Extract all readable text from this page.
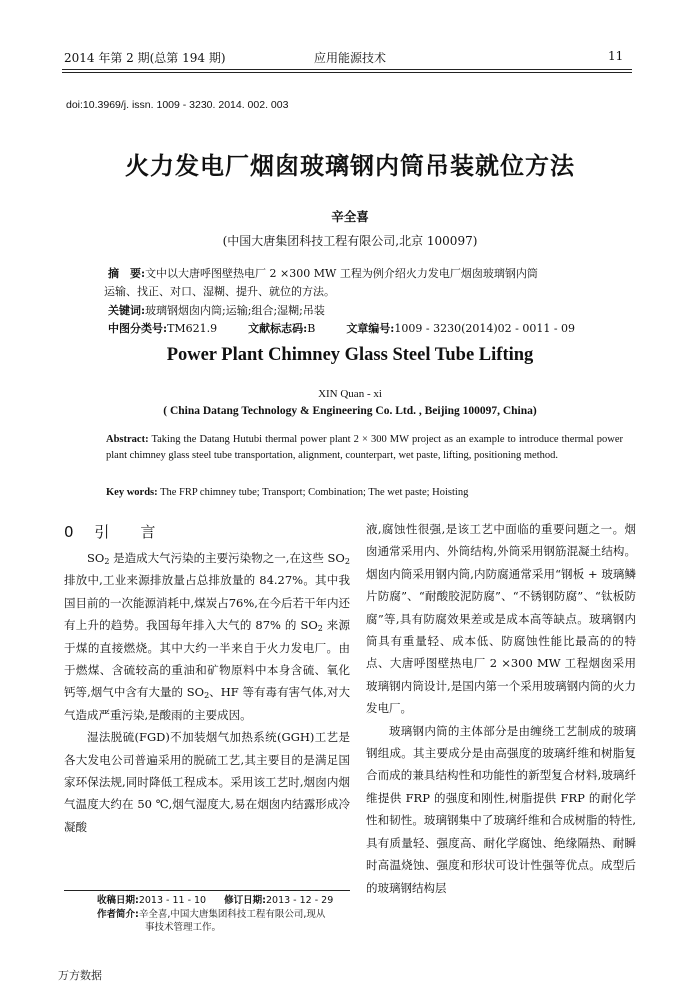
2014 年第 2 期(总第 194 期)	应用能源技术	11
doi:10.3969/j. issn. 1009 - 3230. 2014. 002. 003
火力发电厂烟囱玻璃钢内筒吊装就位方法
辛全喜
(中国大唐集团科技工程有限公司,北京 100097)
摘　要:文中以大唐呼图壁热电厂 2 ×300 MW 工程为例介绍火力发电厂烟囱玻璃钢内筒
运输、找正、对口、湿糊、提升、就位的方法。
关键词:玻璃钢烟囱内筒;运输;组合;湿糊;吊装
中图分类号:TM621.9	文献标志码:B	文章编号:1009 - 3230(2014)02 - 0011 - 09
Power Plant Chimney Glass Steel Tube Lifting
XIN Quan - xi
( China Datang Technology & Engineering Co. Ltd. , Beijing 100097, China)
Abstract: Taking the Datang Hutubi thermal power plant 2 × 300 MW project as an example to introduce thermal power plant chimney glass steel tube transportation, alignment, counterpart, wet paste, lifting, positioning method.
Key words: The FRP chimney tube; Transport; Combination; The wet paste; Hoisting
0 引　言

$SO_2$ 是造成大气污染的主要污染物之一,在这些 $SO_2$ 排放中,工业来源排放量占总排放量的 84.27%。其中我国目前的一次能源消耗中,煤炭占76%,在今后若干年内还有上升的趋势。我国每年排入大气的 87% 的 $SO_2$ 来源于煤的直接燃烧。其中大约一半来自于火力发电厂。由于燃煤、含硫较高的重油和矿物原料中本身含硫、氧化钙等,烟气中含有大量的 $SO_2$、HF 等有毒有害气体,对大气造成严重污染,是酸雨的主要成因。

湿法脱硫(FGD)不加装烟气加热系统(GGH)工艺是各大发电公司普遍采用的脱硫工艺,其主要目的是满足国家环保法规,同时降低工程成本。采用该工艺时,烟囱内烟气温度大约在 50 ℃,烟气湿度大,易在烟囱内结露形成冷凝酸

收稿日期:2013 - 11 - 10 修订日期:2013 - 12 - 29
作者简介:辛全喜,中国大唐集团科技工程有限公司,现从
事技术管理工作。

液,腐蚀性很强,是该工艺中面临的重要问题之一。烟囱通常采用内、外筒结构,外筒采用钢筋混凝土结构。烟囱内筒采用钢内筒,内防腐通常采用“钢板 + 玻璃鳞片防腐”、“耐酸胶泥防腐”、“不锈钢防腐”、“钛板防腐”等,具有防腐效果差或是成本高等缺点。玻璃钢内筒具有重量轻、成本低、防腐蚀性能比最高的的特点、大唐呼图壁热电厂 2 ×300 MW 工程烟囱采用玻璃钢内筒设计,是国内第一个采用玻璃钢内筒的火力发电厂。

玻璃钢内筒的主体部分是由缠绕工艺制成的玻璃钢组成。其主要成分是由高强度的玻璃纤维和树脂复合而成的兼具结构性和功能性的新型复合材料,玻璃纤维提供 FRP 的强度和刚性,树脂提供 FRP 的耐化学性和韧性。玻璃钢集中了玻璃纤维和合成树脂的特性,具有质量轻、强度高、耐化学腐蚀、绝缘隔热、耐瞬时高温烧蚀、强度和形状可设计性强等优点。成型后的玻璃钢结构层

万方数据
